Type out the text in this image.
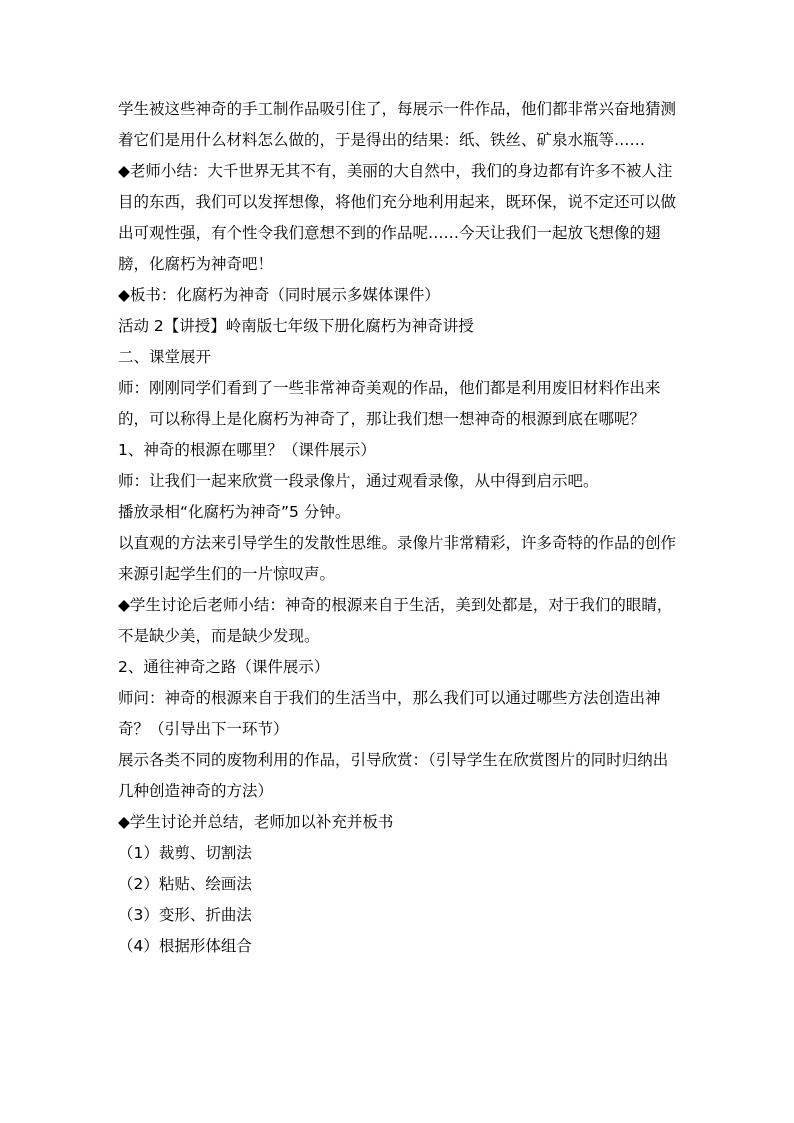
学生被这些神奇的手工制作品吸引住了，每展示一件作品，他们都非常兴奋地猜测着它们是用什么材料怎么做的，于是得出的结果：纸、铁丝、矿泉水瓶等……

◆老师小结：大千世界无其不有，美丽的大自然中，我们的身边都有许多不被人注目的东西，我们可以发挥想像，将他们充分地利用起来，既环保，说不定还可以做出可观性强，有个性令我们意想不到的作品呢……今天让我们一起放飞想像的翅膀，化腐朽为神奇吧！

◆板书：化腐朽为神奇（同时展示多媒体课件）

活动 2【讲授】岭南版七年级下册化腐朽为神奇讲授

二、课堂展开

师：刚刚同学们看到了一些非常神奇美观的作品，他们都是利用废旧材料作出来的，可以称得上是化腐朽为神奇了，那让我们想一想神奇的根源到底在哪呢？

1、神奇的根源在哪里？（课件展示）

师：让我们一起来欣赏一段录像片，通过观看录像，从中得到启示吧。

播放录相“化腐朽为神奇”5 分钟。

以直观的方法来引导学生的发散性思维。录像片非常精彩，许多奇特的作品的创作来源引起学生们的一片惊叹声。

◆学生讨论后老师小结：神奇的根源来自于生活，美到处都是，对于我们的眼睛，不是缺少美，而是缺少发现。

2、通往神奇之路（课件展示）

师问：神奇的根源来自于我们的生活当中，那么我们可以通过哪些方法创造出神奇？（引导出下一环节）

展示各类不同的废物利用的作品，引导欣赏：（引导学生在欣赏图片的同时归纳出几种创造神奇的方法）

◆学生讨论并总结，老师加以补充并板书

（1）裁剪、切割法

（2）粘贴、绘画法

（3）变形、折曲法

（4）根据形体组合
